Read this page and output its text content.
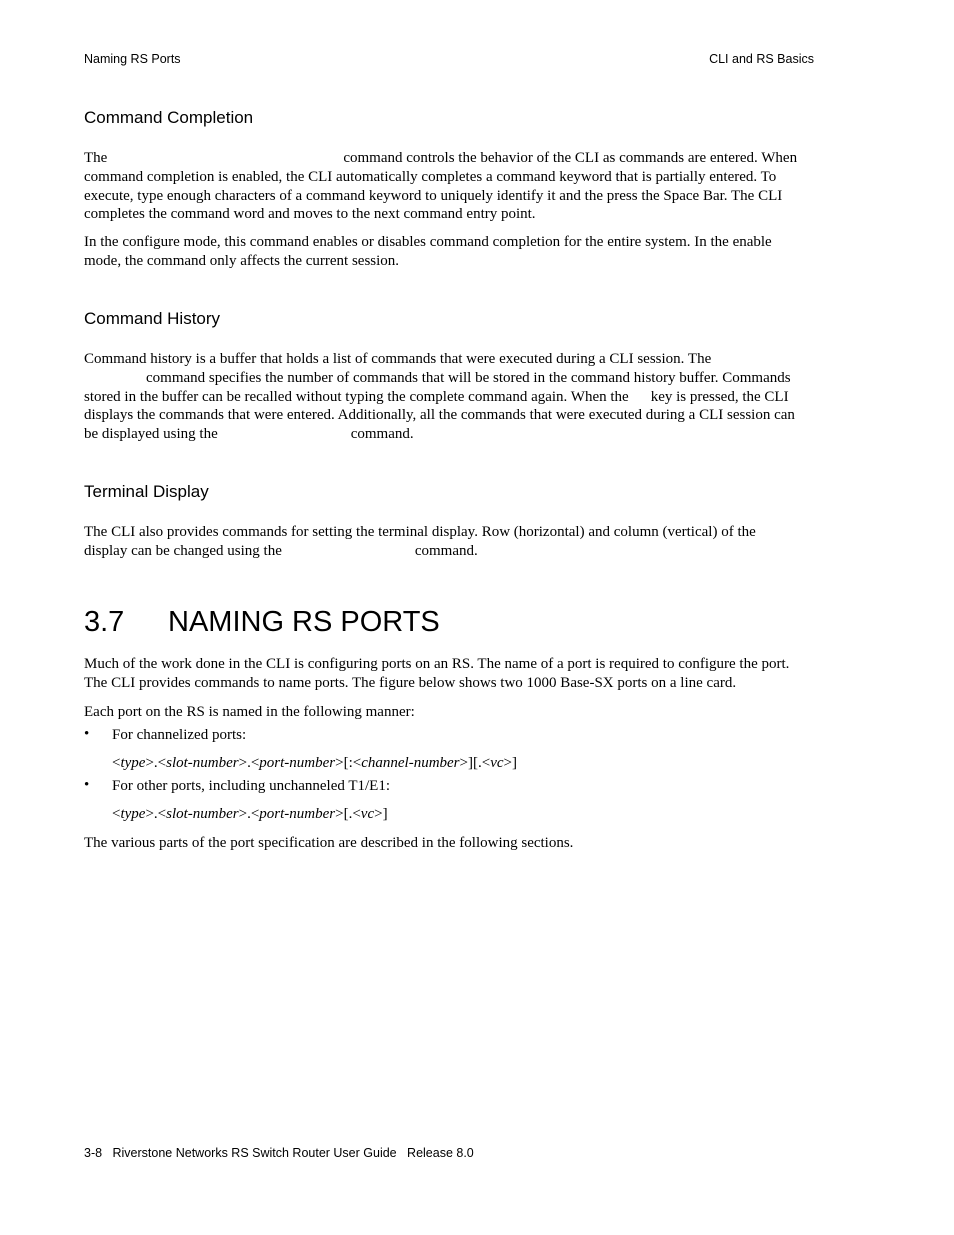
Naming RS Ports	CLI and RS Basics
Command Completion

The	command controls the behavior of the CLI as commands are entered. When

command completion is enabled, the CLI automatically completes a command keyword that is partially entered. To

execute, type enough characters of a command keyword to uniquely identify it and the press the Space Bar. The CLI

completes the command word and moves to the next command entry point.

In the configure mode, this command enables or disables command completion for the entire system. In the enable

mode, the command only affects the current session.

Command History

Command history is a buffer that holds a list of commands that were executed during a CLI session. The

command specifies the number of commands that will be stored in the command history buffer. Commands

stored in the buffer can be recalled without typing the complete command again. When the key is pressed, the CLI

displays the commands that were entered. Additionally, all the commands that were executed during a CLI session can

be displayed using the	command.

Terminal Display

The CLI also provides commands for setting the terminal display. Row (horizontal) and column (vertical) of the

display can be changed using the	command.

3.7 NAMING RS PORTS

Much of the work done in the CLI is configuring ports on an RS. The name of a port is required to configure the port.

The CLI provides commands to name ports. The figure below shows two 1000 Base-SX ports on a line card.

Each port on the RS is named in the following manner:
• For channelized ports:
<type>.<slot-number>.<port-number>[:<channel-number>][.<vc>]
• For other ports, including unchanneled T1/E1:
<type>.<slot-number>.<port-number>[.<vc>]
The various parts of the port specification are described in the following sections.
3-8 Riverstone Networks RS Switch Router User Guide Release 8.0
